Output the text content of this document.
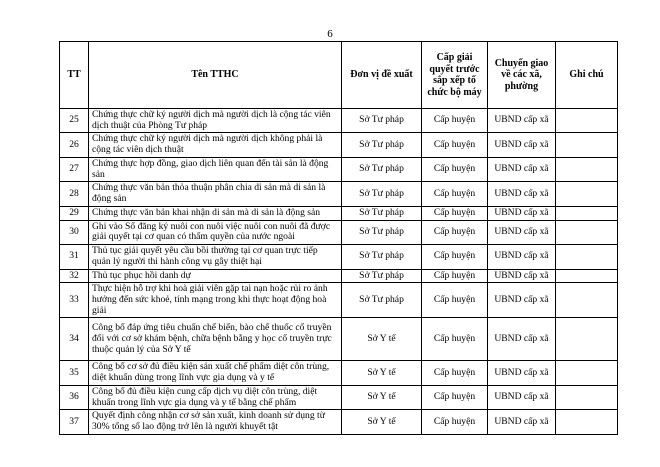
6
TT	Tên TTHC	Đơn vị đề xuất	Cấp giải quyết trước sắp xếp tổ chức bộ máy	Chuyển giao về các xã, phường	Ghi chú
25	Chứng thực chữ ký người dịch mà người dịch là cộng tác viên dịch thuật của Phòng Tư pháp	Sở Tư pháp	Cấp huyện	UBND cấp xã	
26	Chứng thực chữ ký người dịch mà người dịch không phải là cộng tác viên dịch thuật	Sở Tư pháp	Cấp huyện	UBND cấp xã	
27	Chứng thực hợp đồng, giao dịch liên quan đến tài sản là động sản	Sở Tư pháp	Cấp huyện	UBND cấp xã	
28	Chứng thực văn bản thỏa thuận phân chia di sản mà di sản là động sản	Sở Tư pháp	Cấp huyện	UBND cấp xã	
29	Chứng thực văn bản khai nhận di sản mà di sản là động sản	Sở Tư pháp	Cấp huyện	UBND cấp xã	
30	Ghi vào Sổ đăng ký nuôi con nuôi việc nuôi con nuôi đã được giải quyết tại cơ quan có thẩm quyền của nước ngoài	Sở Tư pháp	Cấp huyện	UBND cấp xã	
31	Thủ tục giải quyết yêu cầu bồi thường tại cơ quan trực tiếp quản lý người thi hành công vụ gây thiệt hại	Sở Tư pháp	Cấp huyện	UBND cấp xã	
32	Thủ tục phục hồi danh dự	Sở Tư pháp	Cấp huyện	UBND cấp xã	
33	Thực hiện hỗ trợ khi hoà giải viên gặp tai nạn hoặc rủi ro ảnh hưởng đến sức khoẻ, tính mạng trong khi thực hoạt động hoà giải	Sở Tư pháp	Cấp huyện	UBND cấp xã	
34	Công bố đáp ứng tiêu chuẩn chế biến, bào chế thuốc cổ truyền đối với cơ sở khám bệnh, chữa bệnh bằng y học cổ truyền trực thuộc quản lý của Sở Y tế	Sở Y tế	Cấp huyện	UBND cấp xã	
35	Công bố cơ sở đủ điều kiện sản xuất chế phẩm diệt côn trùng, diệt khuẩn dùng trong lĩnh vực gia dụng và y tế	Sở Y tế	Cấp huyện	UBND cấp xã	
36	Công bố đủ điều kiện cung cấp dịch vụ diệt côn trùng, diệt khuẩn trong lĩnh vực gia dụng và y tế bằng chế phẩm	Sở Y tế	Cấp huyện	UBND cấp xã	
37	Quyết định công nhận cơ sở sản xuất, kinh doanh sử dụng từ 30% tổng số lao động trở lên là người khuyết tật	Sở Y tế	Cấp huyện	UBND cấp xã	
